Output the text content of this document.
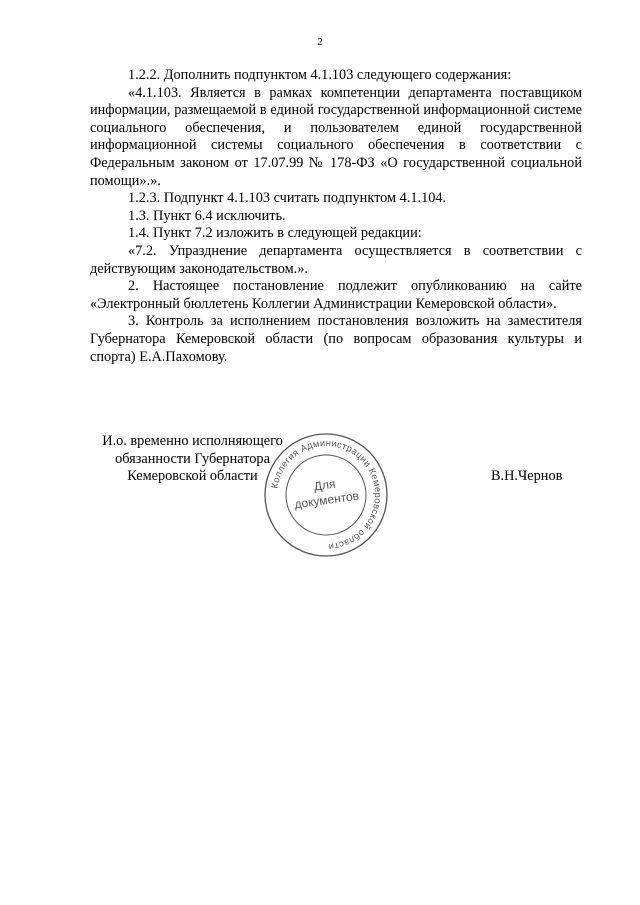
2

1.2.2. Дополнить подпунктом 4.1.103 следующего содержания:

«4.1.103. Является в рамках компетенции департамента поставщиком информации, размещаемой в единой государственной информационной системе социального обеспечения, и пользователем единой государственной информационной системы социального обеспечения в соответствии с Федеральным законом от 17.07.99 № 178-ФЗ «О государственной социальной помощи».».

1.2.3. Подпункт 4.1.103 считать подпунктом 4.1.104.

1.3. Пункт 6.4 исключить.

1.4. Пункт 7.2 изложить в следующей редакции:

«7.2. Упразднение департамента осуществляется в соответствии с действующим законодательством.».

2. Настоящее постановление подлежит опубликованию на сайте «Электронный бюллетень Коллегии Администрации Кемеровской области».

3. Контроль за исполнением постановления возложить на заместителя Губернатора Кемеровской области (по вопросам образования культуры и спорта) Е.А.Пахомову.

И.о. временно исполняющего
обязанности Губернатора
Кемеровской области	В.Н.Чернов
Коллегия Администрации Кемеровской области
Для
документов
